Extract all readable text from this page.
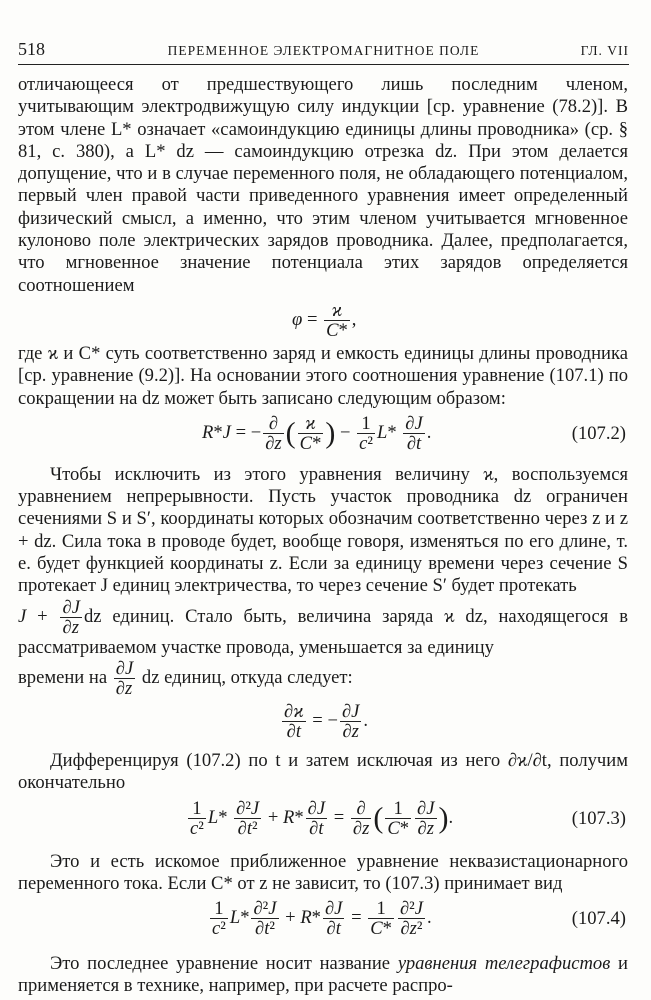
518	ПЕРЕМЕННОЕ ЭЛЕКТРОМАГНИТНОЕ ПОЛЕ	ГЛ. VII

отличающееся от предшествующего лишь последним членом, учитывающим электродвижущую силу индукции [ср. уравнение (78.2)]. В этом члене L* означает «самоиндукцию единицы длины проводника» (ср. § 81, с. 380), а L* dz — самоиндукцию отрезка dz. При этом делается допущение, что и в случае переменного поля, не обладающего потенциалом, первый член правой части приведенного уравнения имеет определенный физический смысл, а именно, что этим членом учитывается мгновенное кулоново поле электрических зарядов проводника. Далее, предполагается, что мгновенное значение потенциала этих зарядов определяется соотношением

$\varphi = \frac{ϰ}{C*}$ ,

где ϰ и C* суть соответственно заряд и емкость единицы длины проводника [ср. уравнение (9.2)]. На основании этого соотношения уравнение (107.1) по сокращении на dz может быть записано следующим образом:

R*J = − $\frac{\partial}{\partial z}$ ( $\frac{ϰ}{C*}$ ) − $\frac{1}{\text{c²}} L* \frac{\partial J}{\partial t}$ .	(107.2)

Чтобы исключить из этого уравнения величину ϰ, воспользуемся уравнением непрерывности. Пусть участок проводника dz ограничен сечениями S и S′, координаты которых обозначим соответственно через z и z + dz. Сила тока в проводе будет, вообще говоря, изменяться по его длине, т. е. будет функцией координаты z. Если за единицу времени через сечение S протекает J единиц электричества, то через сечение S′ будет протекать

$J + \frac{\partial J}{\partial z}$ dz единиц. Стало быть, величина заряда ϰ dz, находящегося в рассматриваемом участке провода, уменьшается за единицу

времени на $\frac{\partial J}{\partial z}$ dz единиц, откуда следует:

$\frac{\partial ϰ}{\partial t}$ = − $\frac{\partial J}{\partial z}$ .

Дифференцируя (107.2) по t и затем исключая из него ∂ϰ/∂t, получим окончательно

$\frac{1}{\text{c²}} L* \frac{\text{∂²J}}{\text{∂t²}} + R* \frac{\partial J}{\partial t} = \frac{\partial}{\partial z}$ ( $\frac{1}{C*} \frac{\partial J}{\partial z}$ ).	(107.3)

Это и есть искомое приближенное уравнение неквазистационарного переменного тока. Если C* от z не зависит, то (107.3) принимает вид

$\frac{1}{\text{c²}} L* \frac{\text{∂²J}}{\text{∂t²}} + R* \frac{\partial J}{\partial t} = \frac{1}{C*} \frac{\text{∂²J}}{\text{∂z²}}$ .	(107.4)

Это последнее уравнение носит название уравнения телеграфистов и применяется в технике, например, при расчете распро-
